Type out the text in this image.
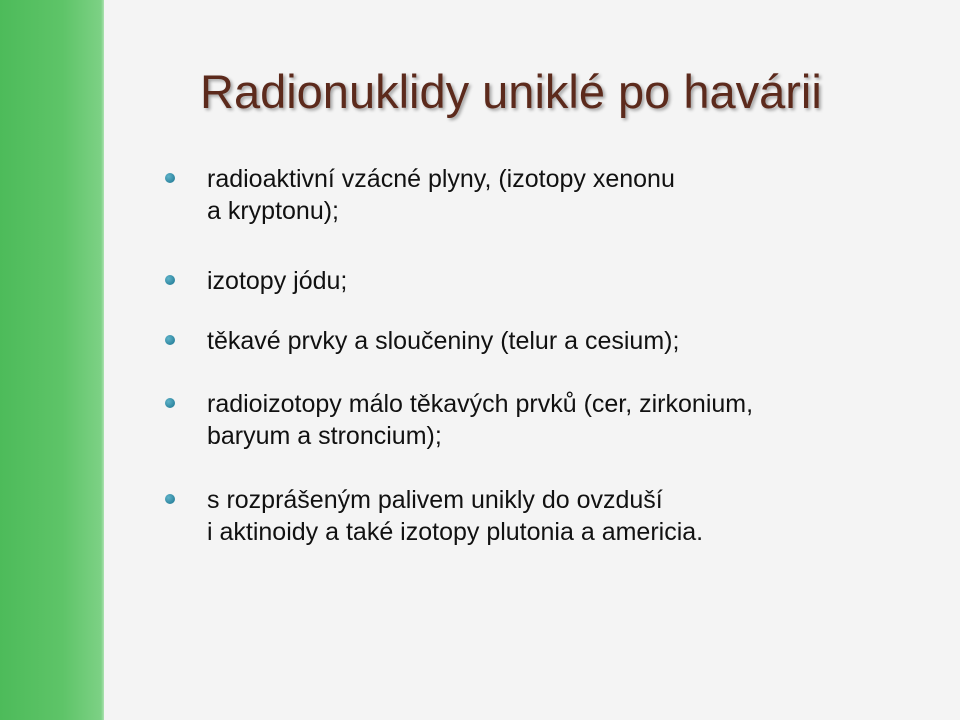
Radionuklidy uniklé po havárii
radioaktivní vzácné plyny, (izotopy xenonu
a kryptonu);
izotopy jódu;
těkavé prvky a sloučeniny (telur a cesium);
radioizotopy málo těkavých prvků (cer, zirkonium,
baryum a stroncium);
s rozprášeným palivem unikly do ovzduší
i aktinoidy a také izotopy plutonia a americia.
